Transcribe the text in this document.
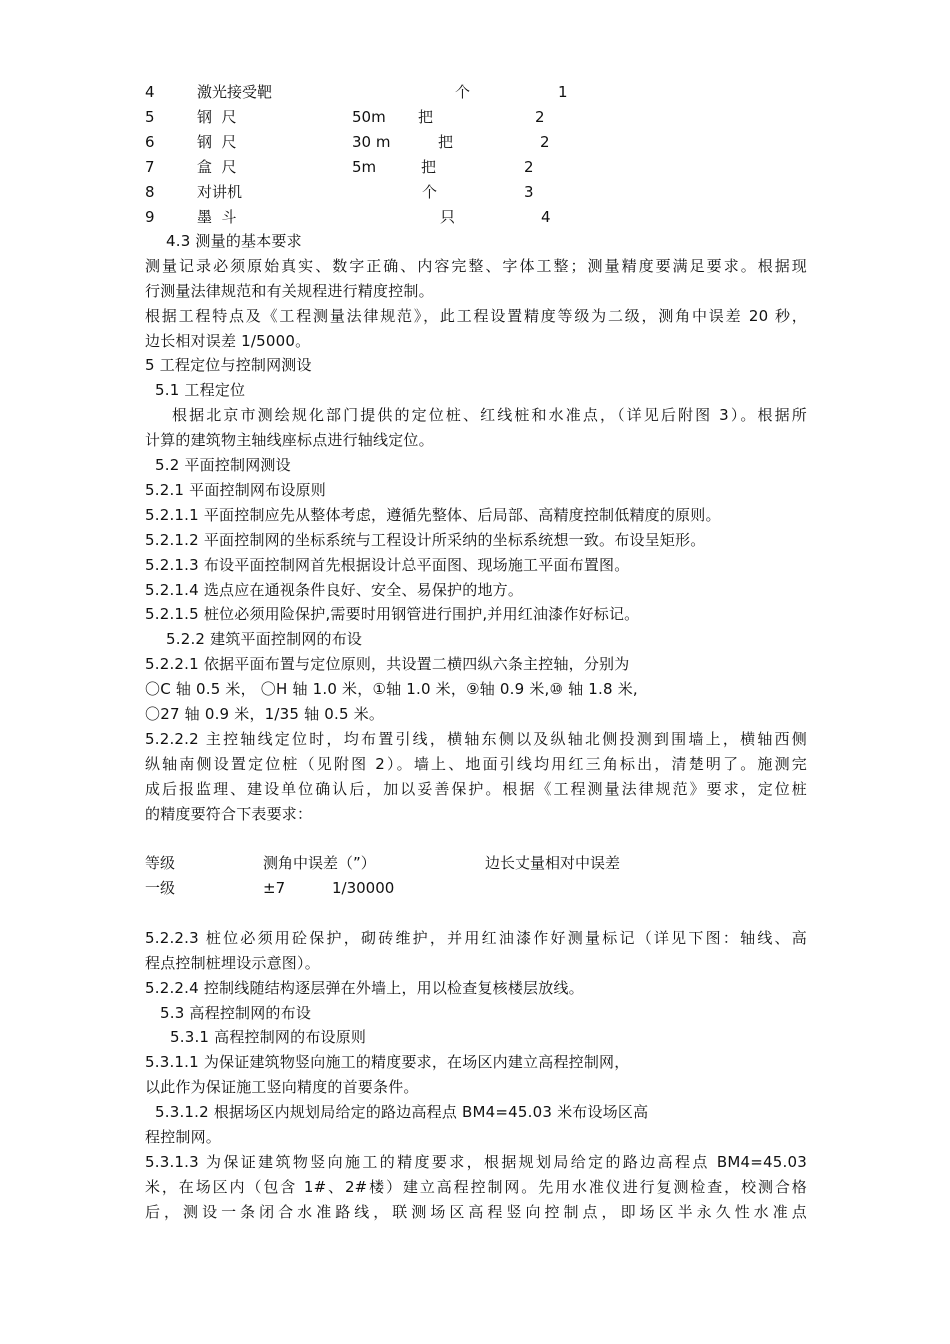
4	激光接受靶	个	1
5	钢  尺	50m 把	2
6	钢  尺	30 m	把	2
7	盒  尺	5m	把	2
8	对讲机	个	3
9	墨  斗	只	4
4.3 测量的基本要求
测量记录必须原始真实、数字正确、内容完整、字体工整；测量精度要满足要求。根据现
行测量法律规范和有关规程进行精度控制。
根据工程特点及《工程测量法律规范》，此工程设置精度等级为二级，测角中误差 20 秒，
边长相对误差 1/5000。
5 工程定位与控制网测设
5.1 工程定位
根据北京市测绘规化部门提供的定位桩、红线桩和水准点，（详见后附图 3）。根据所
计算的建筑物主轴线座标点进行轴线定位。
5.2 平面控制网测设
5.2.1 平面控制网布设原则
5.2.1.1 平面控制应先从整体考虑，遵循先整体、后局部、高精度控制低精度的原则。
5.2.1.2 平面控制网的坐标系统与工程设计所采纳的坐标系统想一致。布设呈矩形。
5.2.1.3 布设平面控制网首先根据设计总平面图、现场施工平面布置图。
5.2.1.4 选点应在通视条件良好、安全、易保护的地方。
5.2.1.5 桩位必须用险保护,需要时用钢管进行围护,并用红油漆作好标记。
5.2.2 建筑平面控制网的布设
5.2.2.1 依据平面布置与定位原则，共设置二横四纵六条主控轴，分别为
〇C 轴 0.5 米， 〇H 轴 1.0 米，①轴 1.0 米，⑨轴 0.9 米,⑩ 轴 1.8 米,
〇27 轴 0.9 米，1/35 轴 0.5 米。
5.2.2.2 主控轴线定位时，均布置引线，横轴东侧以及纵轴北侧投测到围墙上，横轴西侧
纵轴南侧设置定位桩（见附图 2）。墙上、地面引线均用红三角标出，清楚明了。施测完
成后报监理、建设单位确认后，加以妥善保护。根据《工程测量法律规范》要求，定位桩
的精度要符合下表要求：
等级	测角中误差（”）	边长丈量相对中误差
一级	±7	1/30000
5.2.2.3 桩位必须用砼保护，砌砖维护，并用红油漆作好测量标记（详见下图：轴线、高
程点控制桩埋设示意图）。
5.2.2.4 控制线随结构逐层弹在外墙上，用以检查复核楼层放线。
5.3 高程控制网的布设
5.3.1 高程控制网的布设原则
5.3.1.1 为保证建筑物竖向施工的精度要求，在场区内建立高程控制网，
以此作为保证施工竖向精度的首要条件。
5.3.1.2 根据场区内规划局给定的路边高程点 BM4=45.03 米布设场区高
程控制网。
5.3.1.3 为保证建筑物竖向施工的精度要求，根据规划局给定的路边高程点 BM4=45.03
米，在场区内（包含 1#、2#楼）建立高程控制网。先用水准仪进行复测检查，校测合格
后，测设一条闭合水准路线，联测场区高程竖向控制点，即场区半永久性水准点
